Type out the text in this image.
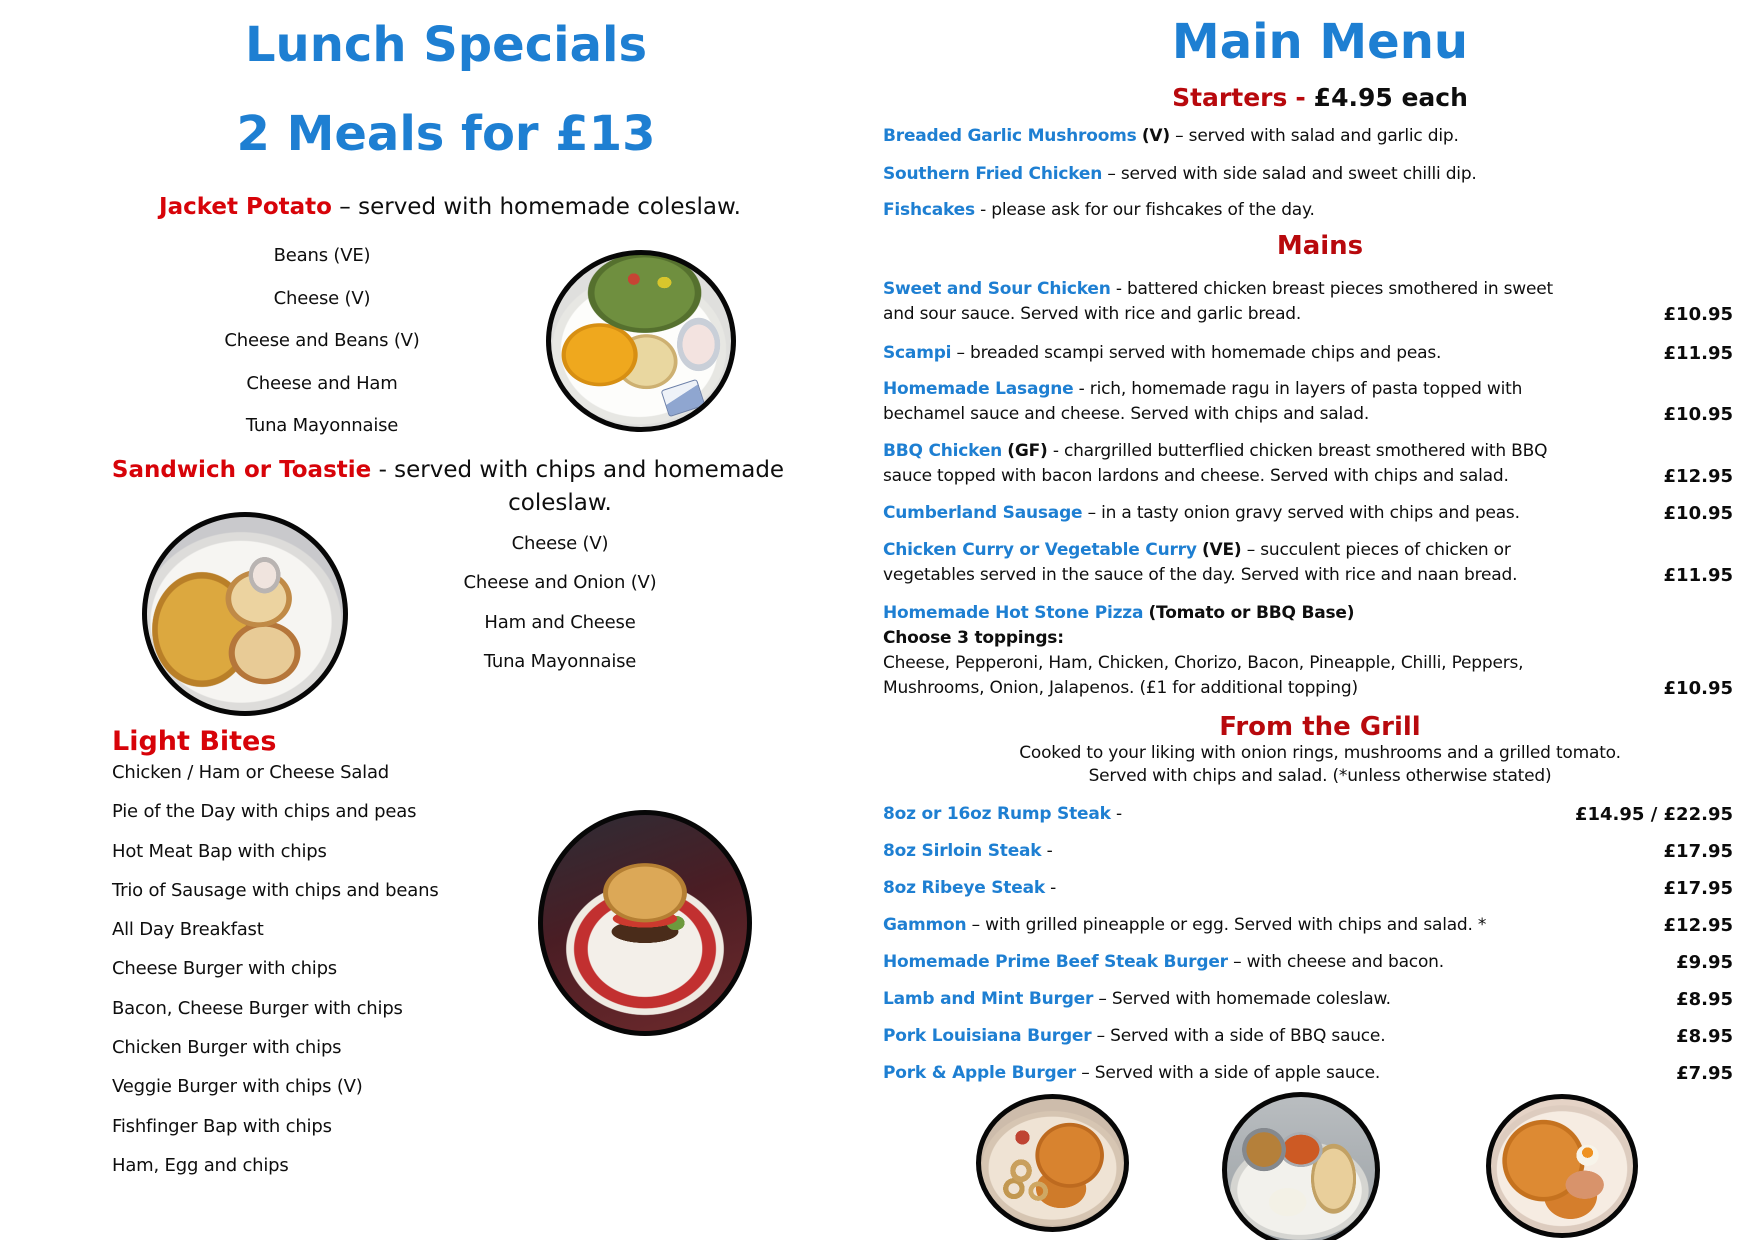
Lunch Specials
2 Meals for £13
Jacket Potato – served with homemade coleslaw.
Beans (VE)
Cheese (V)
Cheese and Beans (V)
Cheese and Ham
Tuna Mayonnaise
Sandwich or Toastie - served with chips and homemade
coleslaw.
Cheese (V)
Cheese and Onion (V)
Ham and Cheese
Tuna Mayonnaise
Light Bites
Chicken / Ham or Cheese Salad
Pie of the Day with chips and peas
Hot Meat Bap with chips
Trio of Sausage with chips and beans
All Day Breakfast
Cheese Burger with chips
Bacon, Cheese Burger with chips
Chicken Burger with chips
Veggie Burger with chips (V)
Fishfinger Bap with chips
Ham, Egg and chips
Main Menu
Starters - £4.95 each
Breaded Garlic Mushrooms (V) – served with salad and garlic dip.
Southern Fried Chicken – served with side salad and sweet chilli dip.
Fishcakes - please ask for our fishcakes of the day.
Mains
Sweet and Sour Chicken - battered chicken breast pieces smothered in sweet
and sour sauce. Served with rice and garlic bread.	£10.95
Scampi – breaded scampi served with homemade chips and peas.	£11.95
Homemade Lasagne - rich, homemade ragu in layers of pasta topped with
bechamel sauce and cheese. Served with chips and salad.	£10.95
BBQ Chicken (GF) - chargrilled butterflied chicken breast smothered with BBQ
sauce topped with bacon lardons and cheese. Served with chips and salad.	£12.95
Cumberland Sausage – in a tasty onion gravy served with chips and peas.	£10.95
Chicken Curry or Vegetable Curry (VE) – succulent pieces of chicken or
vegetables served in the sauce of the day. Served with rice and naan bread.	£11.95
Homemade Hot Stone Pizza (Tomato or BBQ Base)
Choose 3 toppings:
Cheese, Pepperoni, Ham, Chicken, Chorizo, Bacon, Pineapple, Chilli, Peppers,
Mushrooms, Onion, Jalapenos. (£1 for additional topping)	£10.95
From the Grill
Cooked to your liking with onion rings, mushrooms and a grilled tomato.
Served with chips and salad. (*unless otherwise stated)
8oz or 16oz Rump Steak -	£14.95 / £22.95
8oz Sirloin Steak -	£17.95
8oz Ribeye Steak -	£17.95
Gammon – with grilled pineapple or egg. Served with chips and salad. *	£12.95
Homemade Prime Beef Steak Burger – with cheese and bacon.	£9.95
Lamb and Mint Burger – Served with homemade coleslaw.	£8.95
Pork Louisiana Burger – Served with a side of BBQ sauce.	£8.95
Pork & Apple Burger – Served with a side of apple sauce.	£7.95
